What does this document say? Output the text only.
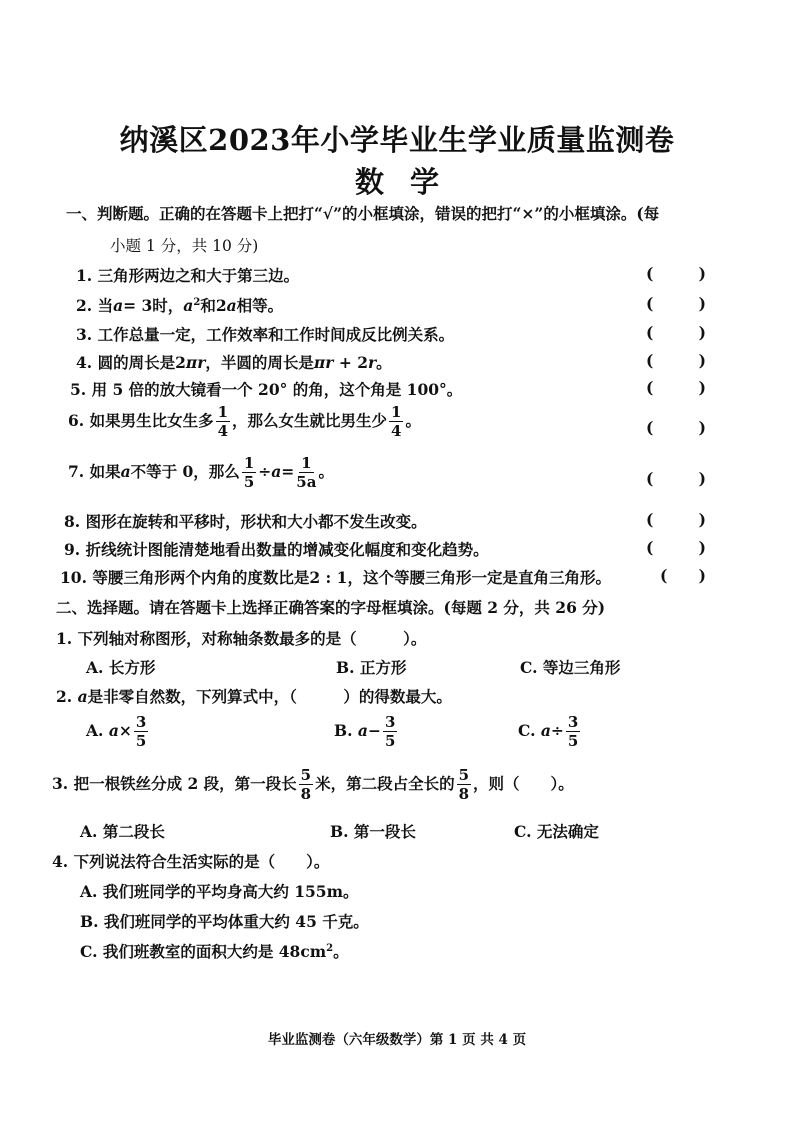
纳溪区2023年小学毕业生学业质量监测卷
数学
一、判断题。正确的在答题卡上把打“√”的小框填涂，错误的把打“×”的小框填涂。(每
小题 1 分，共 10 分)
1. 三角形两边之和大于第三边。	(	)
2. 当a= 3时，$a^2$和2a相等。	(	)
3. 工作总量一定，工作效率和工作时间成反比例关系。	(	)
4. 圆的周长是2πr，半圆的周长是πr + 2r。	(	)
5. 用 5 倍的放大镜看一个 20° 的角，这个角是 100°。	(	)
6. 如果男生比女生多 $\frac{1}{4}$ ，那么女生就比男生少 $\frac{1}{4}$ 。	(	)
7. 如果a不等于 0，那么 $\frac{1}{5} \div a= \frac{1}{5a}$ 。	(	)
8. 图形在旋转和平移时，形状和大小都不发生改变。	(	)
9. 折线统计图能清楚地看出数量的增减变化幅度和变化趋势。	(	)
10. 等腰三角形两个内角的度数比是2 : 1，这个等腰三角形一定是直角三角形。	( )
二、选择题。请在答题卡上选择正确答案的字母框填涂。(每题 2 分，共 26 分)
1. 下列轴对称图形，对称轴条数最多的是（　　　）。
A. 长方形	B. 正方形	C. 等边三角形
2. a是非零自然数，下列算式中，（　　　）的得数最大。
A. $a\times \frac{3}{5}$	B. $a- \frac{3}{5}$	C. $a\div \frac{3}{5}$
3. 把一根铁丝分成 2 段，第一段长 $\frac{5}{8}$ 米，第二段占全长的 $\frac{5}{8}$ ，则（　　）。
A. 第二段长	B. 第一段长	C. 无法确定
4. 下列说法符合生活实际的是（　　）。
A. 我们班同学的平均身高大约 155m。
B. 我们班同学的平均体重大约 45 千克。
C. 我们班教室的面积大约是 $48cm^2$。
毕业监测卷（六年级数学）第 1 页 共 4 页
